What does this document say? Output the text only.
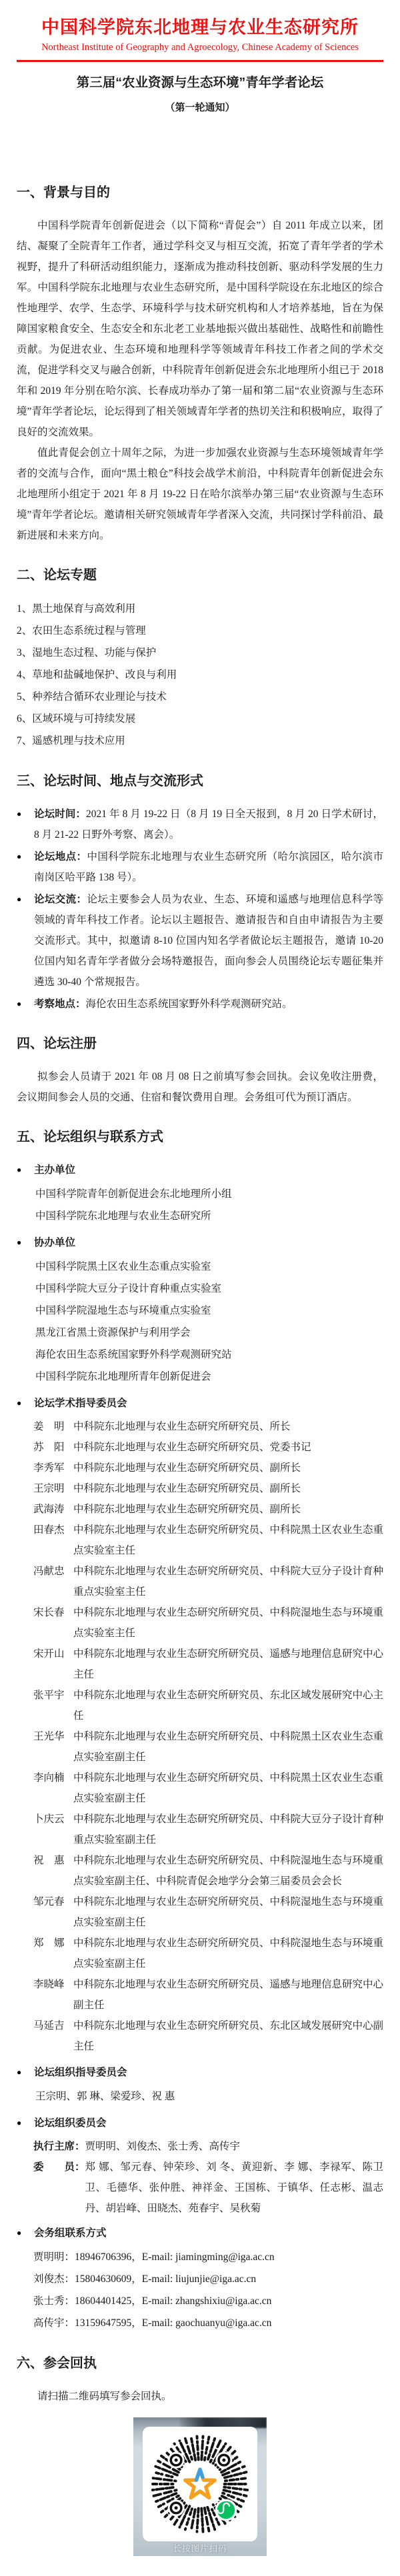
中国科学院东北地理与农业生态研究所
Northeast Institute of Geography and Agroecology, Chinese Academy of Sciences
第三届“农业资源与生态环境”青年学者论坛
（第一轮通知）
一、背景与目的

中国科学院青年创新促进会（以下简称“青促会”）自 2011 年成立以来，团结、凝聚了全院青年工作者，通过学科交叉与相互交流，拓宽了青年学者的学术视野，提升了科研活动组织能力，逐渐成为推动科技创新、驱动科学发展的生力军。中国科学院东北地理与农业生态研究所，是中国科学院设在东北地区的综合性地理学、农学、生态学、环境科学与技术研究机构和人才培养基地，旨在为保障国家粮食安全、生态安全和东北老工业基地振兴做出基础性、战略性和前瞻性贡献。为促进农业、生态环境和地理科学等领域青年科技工作者之间的学术交流，促进学科交叉与融合创新，中科院青年创新促进会东北地理所小组已于 2018 年和 2019 年分别在哈尔滨、长春成功举办了第一届和第二届“农业资源与生态环境”青年学者论坛，论坛得到了相关领域青年学者的热切关注和积极响应，取得了良好的交流效果。

值此青促会创立十周年之际，为进一步加强农业资源与生态环境领域青年学者的交流与合作，面向“黑土粮仓”科技会战学术前沿，中科院青年创新促进会东北地理所小组定于 2021 年 8 月 19-22 日在哈尔滨举办第三届“农业资源与生态环境”青年学者论坛。邀请相关研究领域青年学者深入交流，共同探讨学科前沿、最新进展和未来方向。

二、论坛专题
1、黑土地保育与高效利用
2、农田生态系统过程与管理
3、湿地生态过程、功能与保护
4、草地和盐碱地保护、改良与利用
5、种养结合循环农业理论与技术
6、区域环境与可持续发展
7、遥感机理与技术应用
三、论坛时间、地点与交流形式
●	论坛时间：2021 年 8 月 19-22 日（8 月 19 日全天报到，8 月 20 日学术研讨，8 月 21-22 日野外考察、离会）。
●	论坛地点：中国科学院东北地理与农业生态研究所（哈尔滨园区，哈尔滨市南岗区哈平路 138 号）。
●	论坛交流：论坛主要参会人员为农业、生态、环境和遥感与地理信息科学等领域的青年科技工作者。论坛以主题报告、邀请报告和自由申请报告为主要交流形式。其中，拟邀请 8-10 位国内知名学者做论坛主题报告，邀请 10-20 位国内知名青年学者做分会场特邀报告，面向参会人员围绕论坛专题征集并遴选 30-40 个常规报告。
●	考察地点：海伦农田生态系统国家野外科学观测研究站。
四、论坛注册

拟参会人员请于 2021 年 08 月 08 日之前填写参会回执。会议免收注册费，会议期间参会人员的交通、住宿和餐饮费用自理。会务组可代为预订酒店。

五、论坛组织与联系方式
●	主办单位
中国科学院青年创新促进会东北地理所小组
中国科学院东北地理与农业生态研究所
●	协办单位
中国科学院黑土区农业生态重点实验室
中国科学院大豆分子设计育种重点实验室
中国科学院湿地生态与环境重点实验室
黑龙江省黑土资源保护与利用学会
海伦农田生态系统国家野外科学观测研究站
中国科学院东北地理所青年创新促进会
●	论坛学术指导委员会
姜　明 中科院东北地理与农业生态研究所研究员、所长
苏　阳 中科院东北地理与农业生态研究所研究员、党委书记
李秀军 中科院东北地理与农业生态研究所研究员、副所长
王宗明 中科院东北地理与农业生态研究所研究员、副所长
武海涛 中科院东北地理与农业生态研究所研究员、副所长
田春杰 中科院东北地理与农业生态研究所研究员、中科院黑土区农业生态重点实验室主任
冯献忠 中科院东北地理与农业生态研究所研究员、中科院大豆分子设计育种重点实验室主任
宋长春 中科院东北地理与农业生态研究所研究员、中科院湿地生态与环境重点实验室主任
宋开山 中科院东北地理与农业生态研究所研究员、遥感与地理信息研究中心主任
张平宇 中科院东北地理与农业生态研究所研究员、东北区域发展研究中心主任
王光华 中科院东北地理与农业生态研究所研究员、中科院黑土区农业生态重点实验室副主任
李向楠 中科院东北地理与农业生态研究所研究员、中科院黑土区农业生态重点实验室副主任
卜庆云 中科院东北地理与农业生态研究所研究员、中科院大豆分子设计育种重点实验室副主任
祝　惠 中科院东北地理与农业生态研究所研究员、中科院湿地生态与环境重点实验室副主任、中科院青促会地学分会第三届委员会会长
邹元春 中科院东北地理与农业生态研究所研究员、中科院湿地生态与环境重点实验室副主任
郑　娜 中科院东北地理与农业生态研究所研究员、中科院湿地生态与环境重点实验室副主任
李晓峰 中科院东北地理与农业生态研究所研究员、遥感与地理信息研究中心副主任
马延吉 中科院东北地理与农业生态研究所研究员、东北区域发展研究中心副主任
●	论坛组织指导委员会
王宗明、郭 琳、梁爱珍、祝 惠
●	论坛组织委员会
执行主席： 贾明明、刘俊杰、张士秀、高传宇
委　　员： 郑 娜、邹元春、钟荣珍、刘 冬、黄迎新、李 娜、李禄军、陈卫卫、毛德华、张仲胜、神祥金、王国栋、于镇华、任志彬、温志丹、胡岩峰、田晓杰、苑春宇、吴秋菊
●	会务组联系方式
贾明明：18946706396，E-mail: jiamingming@iga.ac.cn
刘俊杰：15804630609，E-mail: liujunjie@iga.ac.cn
张士秀：18604401425，E-mail: zhangshixiu@iga.ac.cn
高传宇：13159647595，E-mail: gaochuanyu@iga.ac.cn
六、参会回执

请扫描二维码填写参会回执。

长按图片扫码
